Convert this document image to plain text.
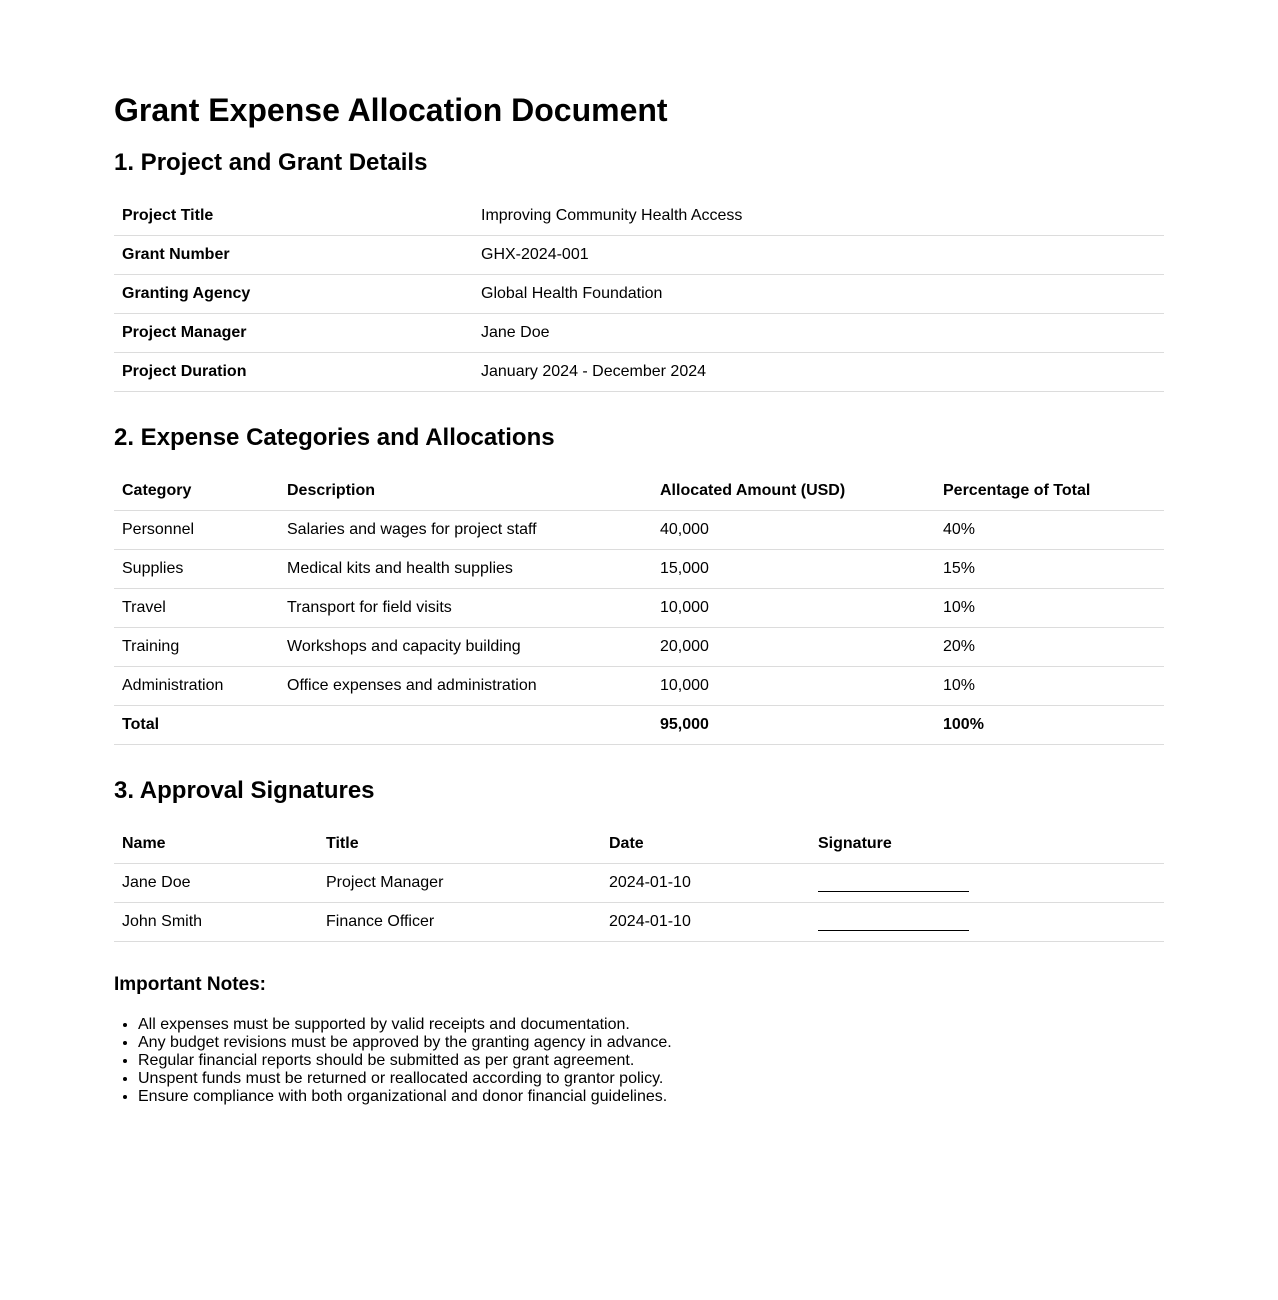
Grant Expense Allocation Document
1. Project and Grant Details
Project Title	Improving Community Health Access
Grant Number	GHX-2024-001
Granting Agency	Global Health Foundation
Project Manager	Jane Doe
Project Duration	January 2024 - December 2024
2. Expense Categories and Allocations
Category	Description	Allocated Amount (USD)	Percentage of Total
Personnel	Salaries and wages for project staff	40,000	40%
Supplies	Medical kits and health supplies	15,000	15%
Travel	Transport for field visits	10,000	10%
Training	Workshops and capacity building	20,000	20%
Administration	Office expenses and administration	10,000	10%
Total		95,000	100%
3. Approval Signatures
Name	Title	Date	Signature
Jane Doe	Project Manager	2024-01-10	
John Smith	Finance Officer	2024-01-10	
Important Notes:
• All expenses must be supported by valid receipts and documentation.
• Any budget revisions must be approved by the granting agency in advance.
• Regular financial reports should be submitted as per grant agreement.
• Unspent funds must be returned or reallocated according to grantor policy.
• Ensure compliance with both organizational and donor financial guidelines.
